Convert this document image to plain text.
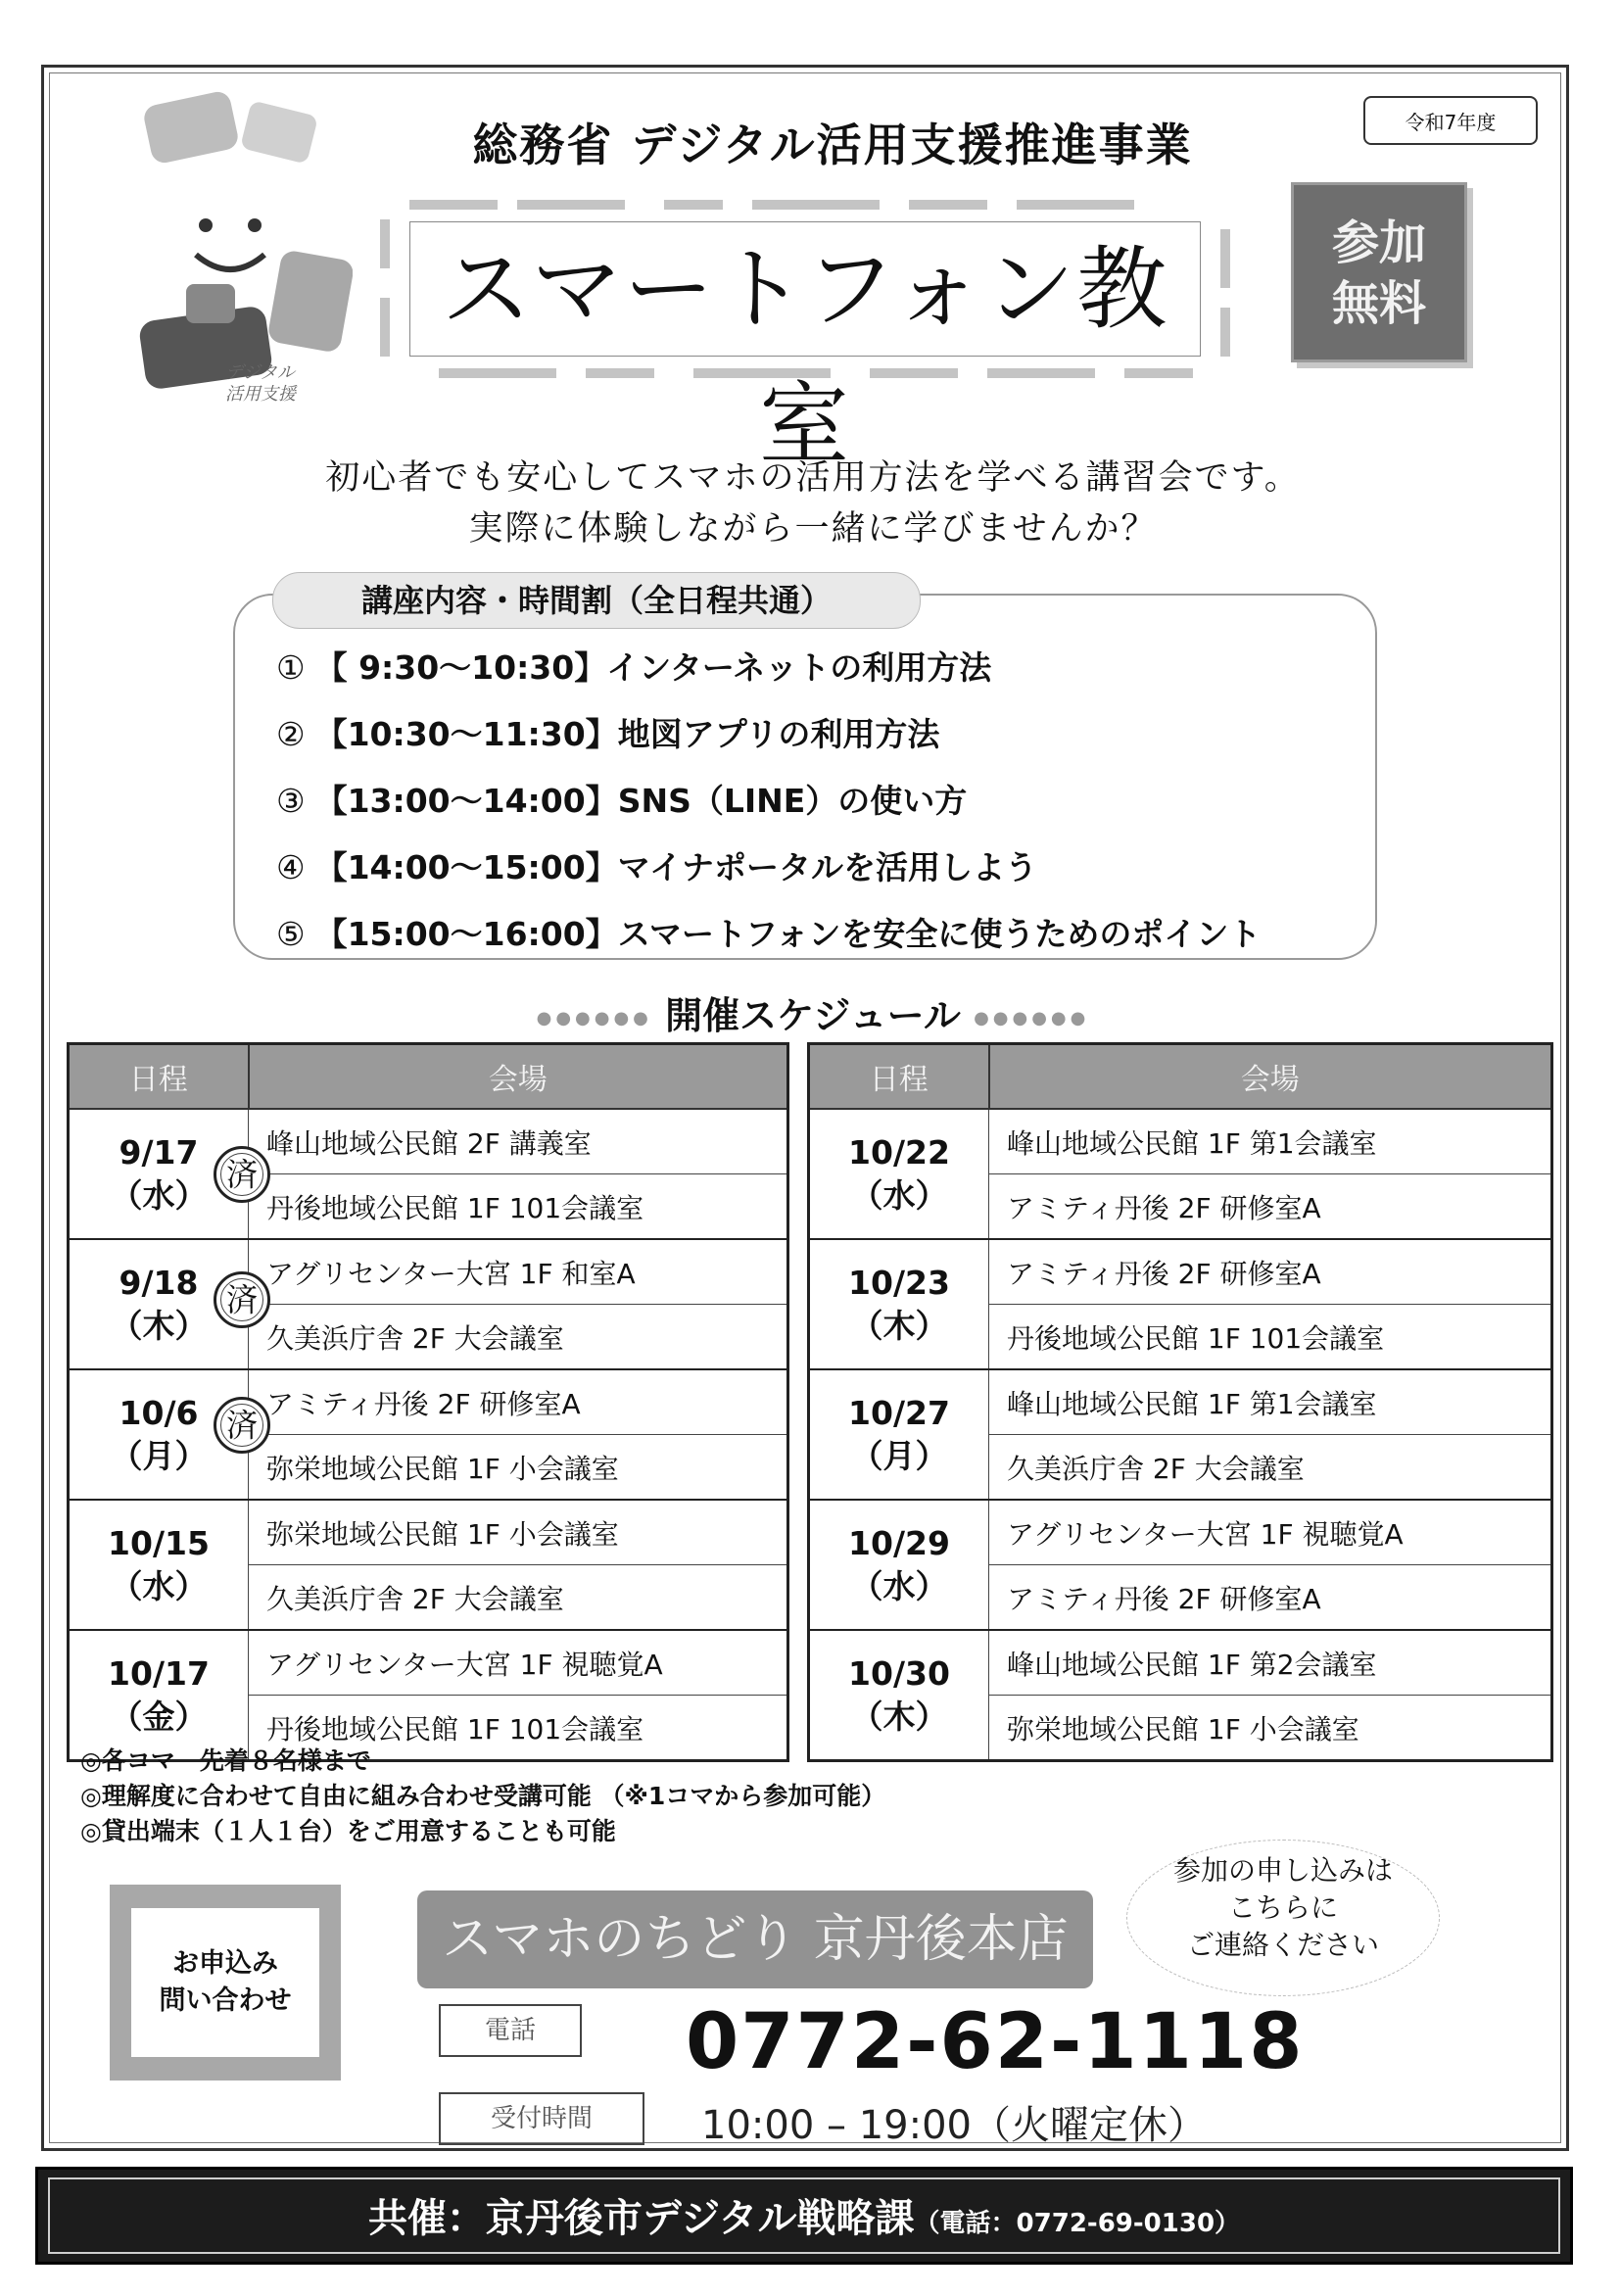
デジタル
活用支援
総務省 デジタル活用支援推進事業	令和7年度
スマートフォン教室
参加
無料
初心者でも安心してスマホの活用方法を学べる講習会です。
実際に体験しながら一緒に学びませんか？
講座内容・時間割（全日程共通）
① 【 9:30〜10:30】インターネットの利用方法
② 【10:30〜11:30】地図アプリの利用方法
③ 【13:00〜14:00】SNS（LINE）の使い方
④ 【14:00〜15:00】マイナポータルを活用しよう
⑤ 【15:00〜16:00】スマートフォンを安全に使うためのポイント
●●●●●● 開催スケジュール ●●●●●●
日程	会場

9/17
（水）	峰山地域公民館 2F 講義室
	丹後地域公民館 1F 101会議室

9/18
（木）	アグリセンター大宮 1F 和室A
	久美浜庁舎 2F 大会議室

10/6
（月）	アミティ丹後 2F 研修室A
	弥栄地域公民館 1F 小会議室

10/15
（水）	弥栄地域公民館 1F 小会議室
	久美浜庁舎 2F 大会議室

10/17
（金）	アグリセンター大宮 1F 視聴覚A
	丹後地域公民館 1F 101会議室
済
済
済
日程	会場

10/22
（水）	峰山地域公民館 1F 第1会議室
	アミティ丹後 2F 研修室A

10/23
（木）	アミティ丹後 2F 研修室A
	丹後地域公民館 1F 101会議室

10/27
（月）	峰山地域公民館 1F 第1会議室
	久美浜庁舎 2F 大会議室

10/29
（水）	アグリセンター大宮 1F 視聴覚A
	アミティ丹後 2F 研修室A

10/30
（木）	峰山地域公民館 1F 第2会議室
	弥栄地域公民館 1F 小会議室
◎各コマ　先着８名様まで
◎理解度に合わせて自由に組み合わせ受講可能 （※1コマから参加可能）
◎貸出端末（１人１台）をご用意することも可能
お申込み
問い合わせ
スマホのちどり 京丹後本店
参加の申し込みは
こちらに
ご連絡ください
電話	0772-62-1118
受付時間	10:00 – 19:00（火曜定休）
共催：京丹後市デジタル戦略課（電話：0772-69-0130）
